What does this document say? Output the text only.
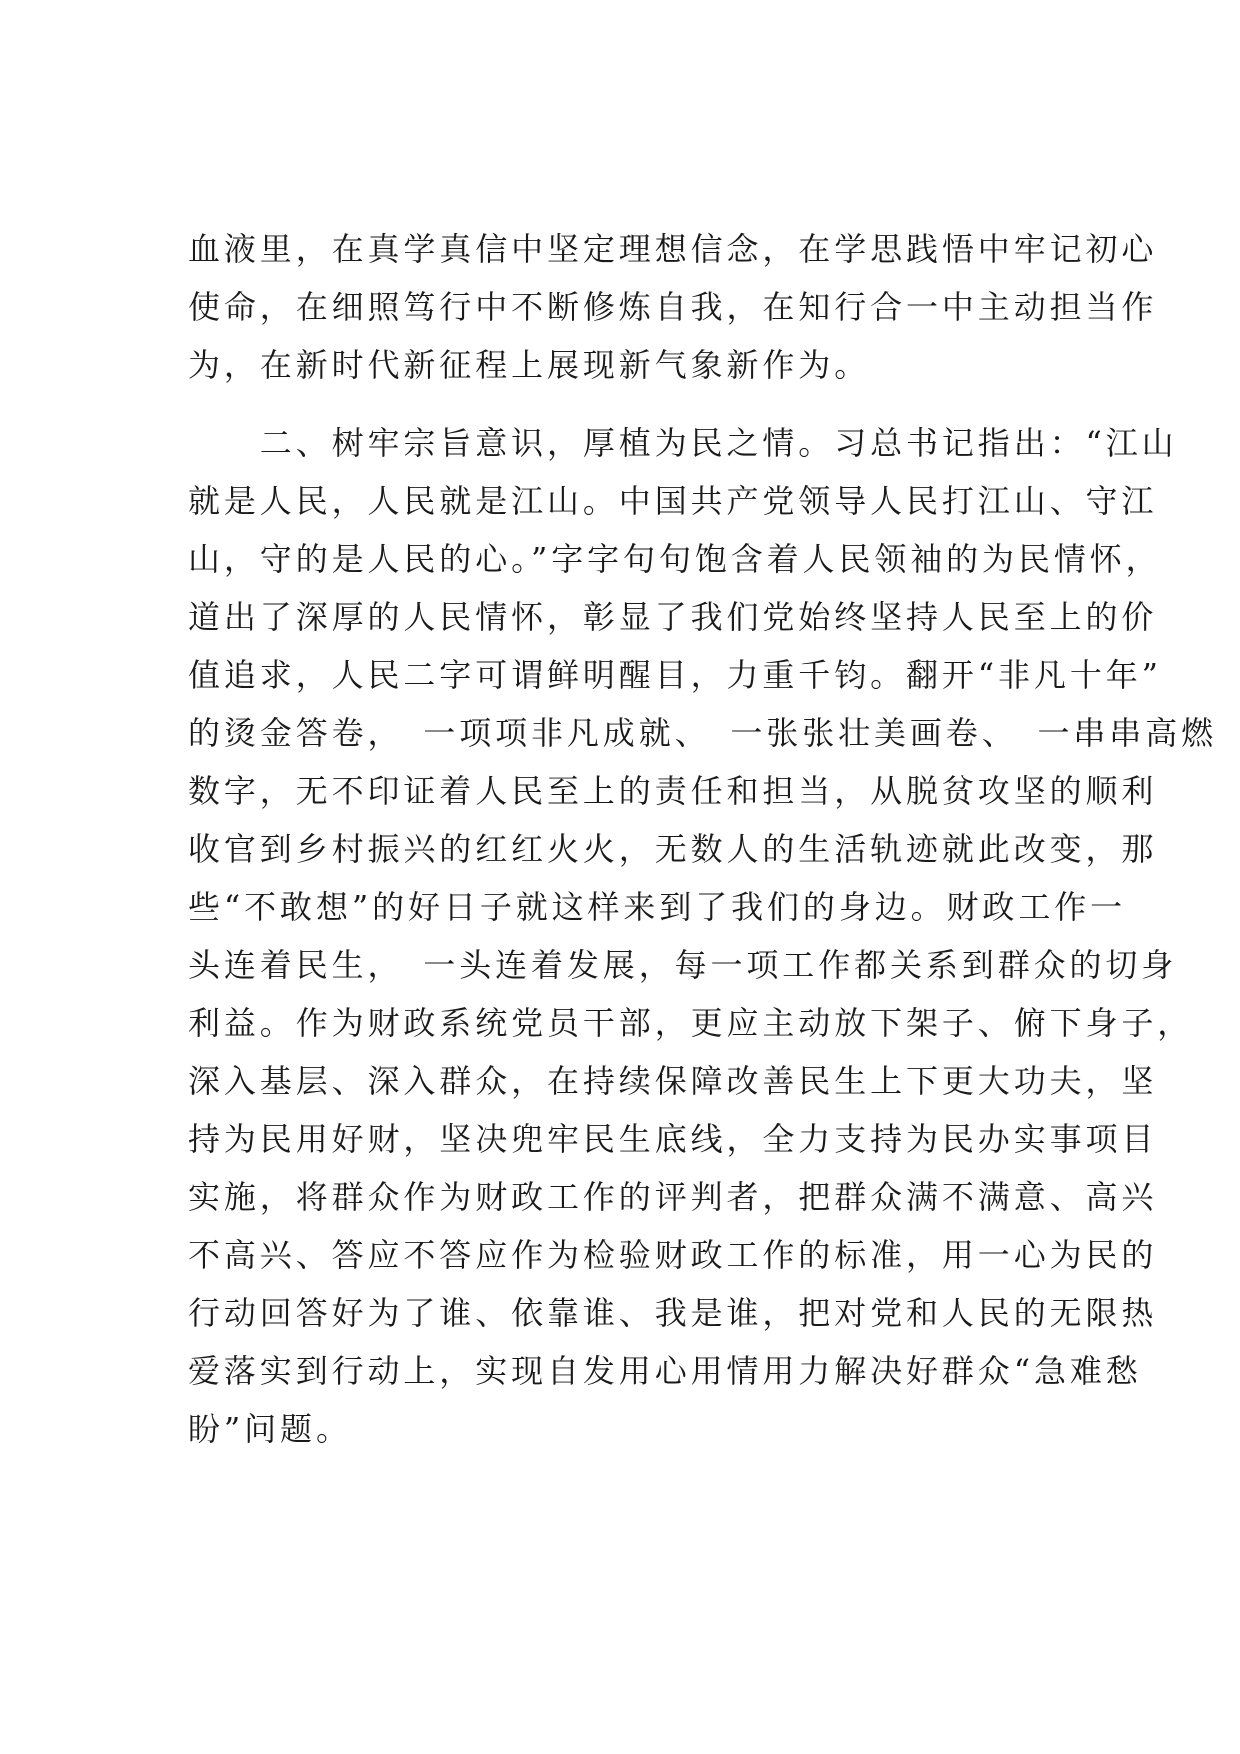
血液里，在真学真信中坚定理想信念，在学思践悟中牢记初心
使命，在细照笃行中不断修炼自我，在知行合一中主动担当作
为，在新时代新征程上展现新气象新作为。
　　二、树牢宗旨意识，厚植为民之情。习总书记指出：“江山
就是人民，人民就是江山。中国共产党领导人民打江山、守江
山，守的是人民的心。”字字句句饱含着人民领袖的为民情怀，
道出了深厚的人民情怀，彰显了我们党始终坚持人民至上的价
值追求，人民二字可谓鲜明醒目，力重千钧。翻开“非凡十年”
的烫金答卷，　一项项非凡成就、　一张张壮美画卷、　一串串高燃
数字，无不印证着人民至上的责任和担当，从脱贫攻坚的顺利
收官到乡村振兴的红红火火，无数人的生活轨迹就此改变，那
些“不敢想”的好日子就这样来到了我们的身边。财政工作一
头连着民生，　一头连着发展，每一项工作都关系到群众的切身
利益。作为财政系统党员干部，更应主动放下架子、俯下身子，
深入基层、深入群众，在持续保障改善民生上下更大功夫，坚
持为民用好财，坚决兜牢民生底线，全力支持为民办实事项目
实施，将群众作为财政工作的评判者，把群众满不满意、高兴
不高兴、答应不答应作为检验财政工作的标准，用一心为民的
行动回答好为了谁、依靠谁、我是谁，把对党和人民的无限热
爱落实到行动上，实现自发用心用情用力解决好群众“急难愁
盼”问题。
